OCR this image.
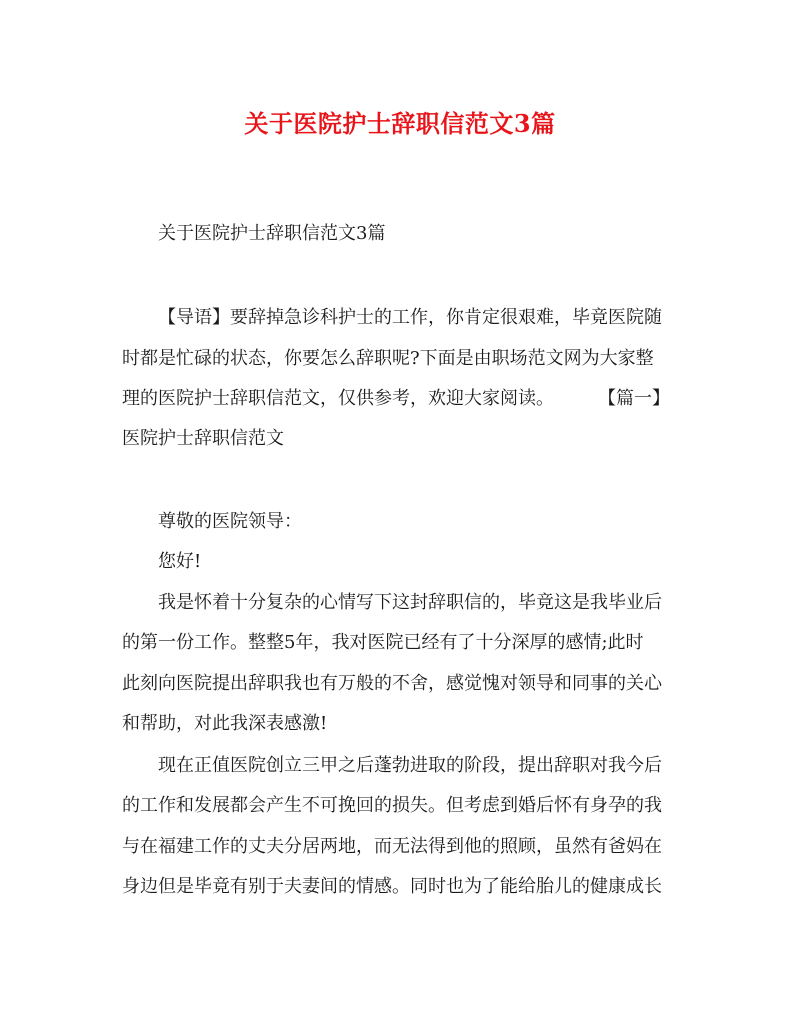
关于医院护士辞职信范文3篇

关于医院护士辞职信范文3篇

【导语】要辞掉急诊科护士的工作，你肯定很艰难，毕竟医院随

时都是忙碌的状态，你要怎么辞职呢?下面是由职场范文网为大家整

理的医院护士辞职信范文，仅供参考，欢迎大家阅读。 【篇一】

医院护士辞职信范文

尊敬的医院领导：

您好!

我是怀着十分复杂的心情写下这封辞职信的，毕竟这是我毕业后

的第一份工作。整整5年，我对医院已经有了十分深厚的感情;此时

此刻向医院提出辞职我也有万般的不舍，感觉愧对领导和同事的关心

和帮助，对此我深表感激!

现在正值医院创立三甲之后蓬勃进取的阶段，提出辞职对我今后

的工作和发展都会产生不可挽回的损失。但考虑到婚后怀有身孕的我

与在福建工作的丈夫分居两地，而无法得到他的照顾，虽然有爸妈在

身边但是毕竟有别于夫妻间的情感。同时也为了能给胎儿的健康成长
